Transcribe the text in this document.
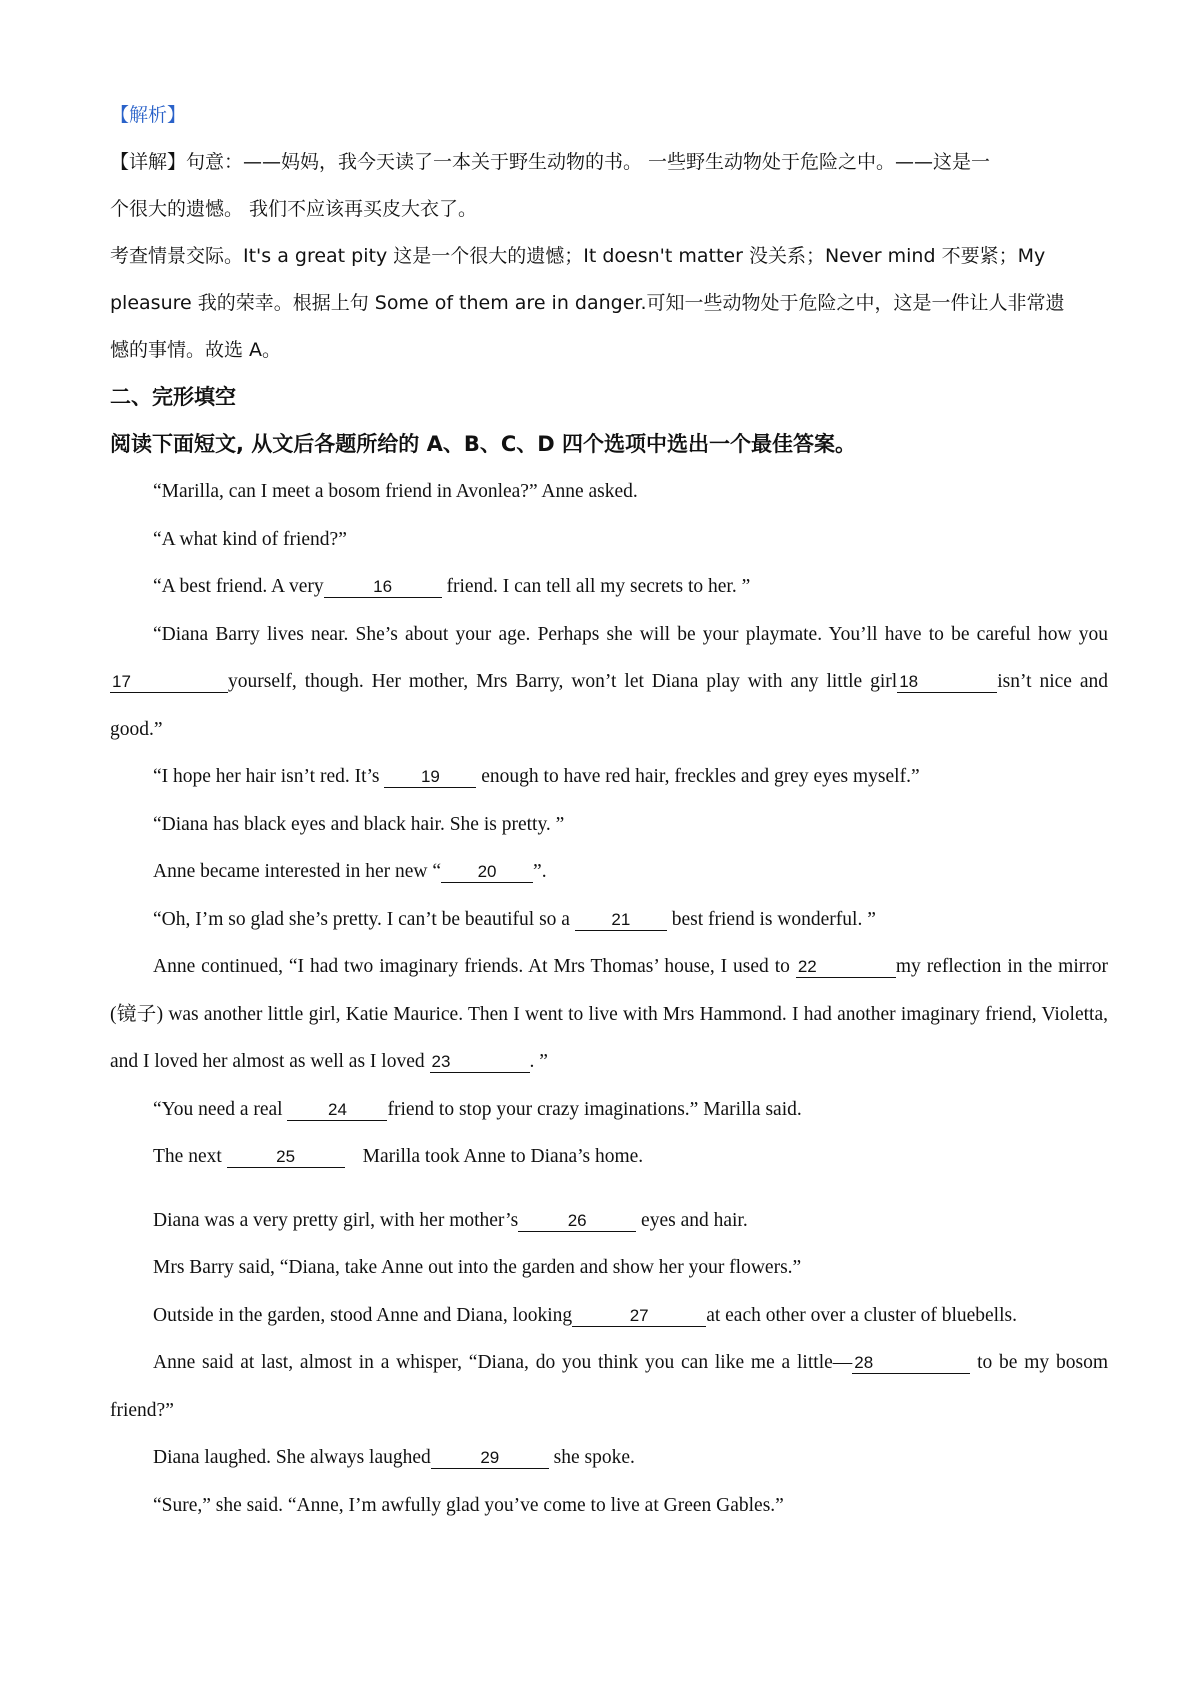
【解析】

【详解】句意：——妈妈，我今天读了一本关于野生动物的书。 一些野生动物处于危险之中。——这是一

个很大的遗憾。 我们不应该再买皮大衣了。

考查情景交际。It's a great pity 这是一个很大的遗憾；It doesn't matter 没关系；Never mind 不要紧；My

pleasure 我的荣幸。根据上句 Some of them are in danger.可知一些动物处于危险之中，这是一件让人非常遗

憾的事情。故选 A。

二、完形填空

阅读下面短文, 从文后各题所给的 A、B、C、D 四个选项中选出一个最佳答案。

“Marilla, can I meet a bosom friend in Avonlea?” Anne asked.

“A what kind of friend?”

“A best friend. A very	16	friend. I can tell all my secrets to her. ”

“Diana Barry lives near. She’s about your age. Perhaps she will be your playmate. You’ll have to be careful how you17	yourself, though. Her mother, Mrs Barry, won’t let Diana play with any little girl 18	isn’t nice and good.”

“I hope her hair isn’t red. It’s 19 enough to have red hair, freckles and grey eyes myself.”

“Diana has black eyes and black hair. She is pretty. ”

Anne became interested in her new “ 20 ”.

“Oh, I’m so glad she’s pretty. I can’t be beautiful so a 21 best friend is wonderful. ”

Anne continued, “I had two imaginary friends. At Mrs Thomas’ house, I used to 22	my reflection in the mirror (镜子) was another little girl, Katie Maurice. Then I went to live with Mrs Hammond. I had another imaginary friend, Violetta, and I loved her almost as well as I loved 23	. ”

“You need a real 24 friend to stop your crazy imaginations.” Marilla said.

The next	25	Marilla took Anne to Diana’s home.

Diana was a very pretty girl, with her mother’s	26	eyes and hair.

Mrs Barry said, “Diana, take Anne out into the garden and show her your flowers.”

Outside in the garden, stood Anne and Diana, looking	27	at each other over a cluster of bluebells.

Anne said at last, almost in a whisper, “Diana, do you think you can like me a little— 28	to be my bosom friend?”

Diana laughed. She always laughed	29	she spoke.

“Sure,” she said. “Anne, I’m awfully glad you’ve come to live at Green Gables.”
